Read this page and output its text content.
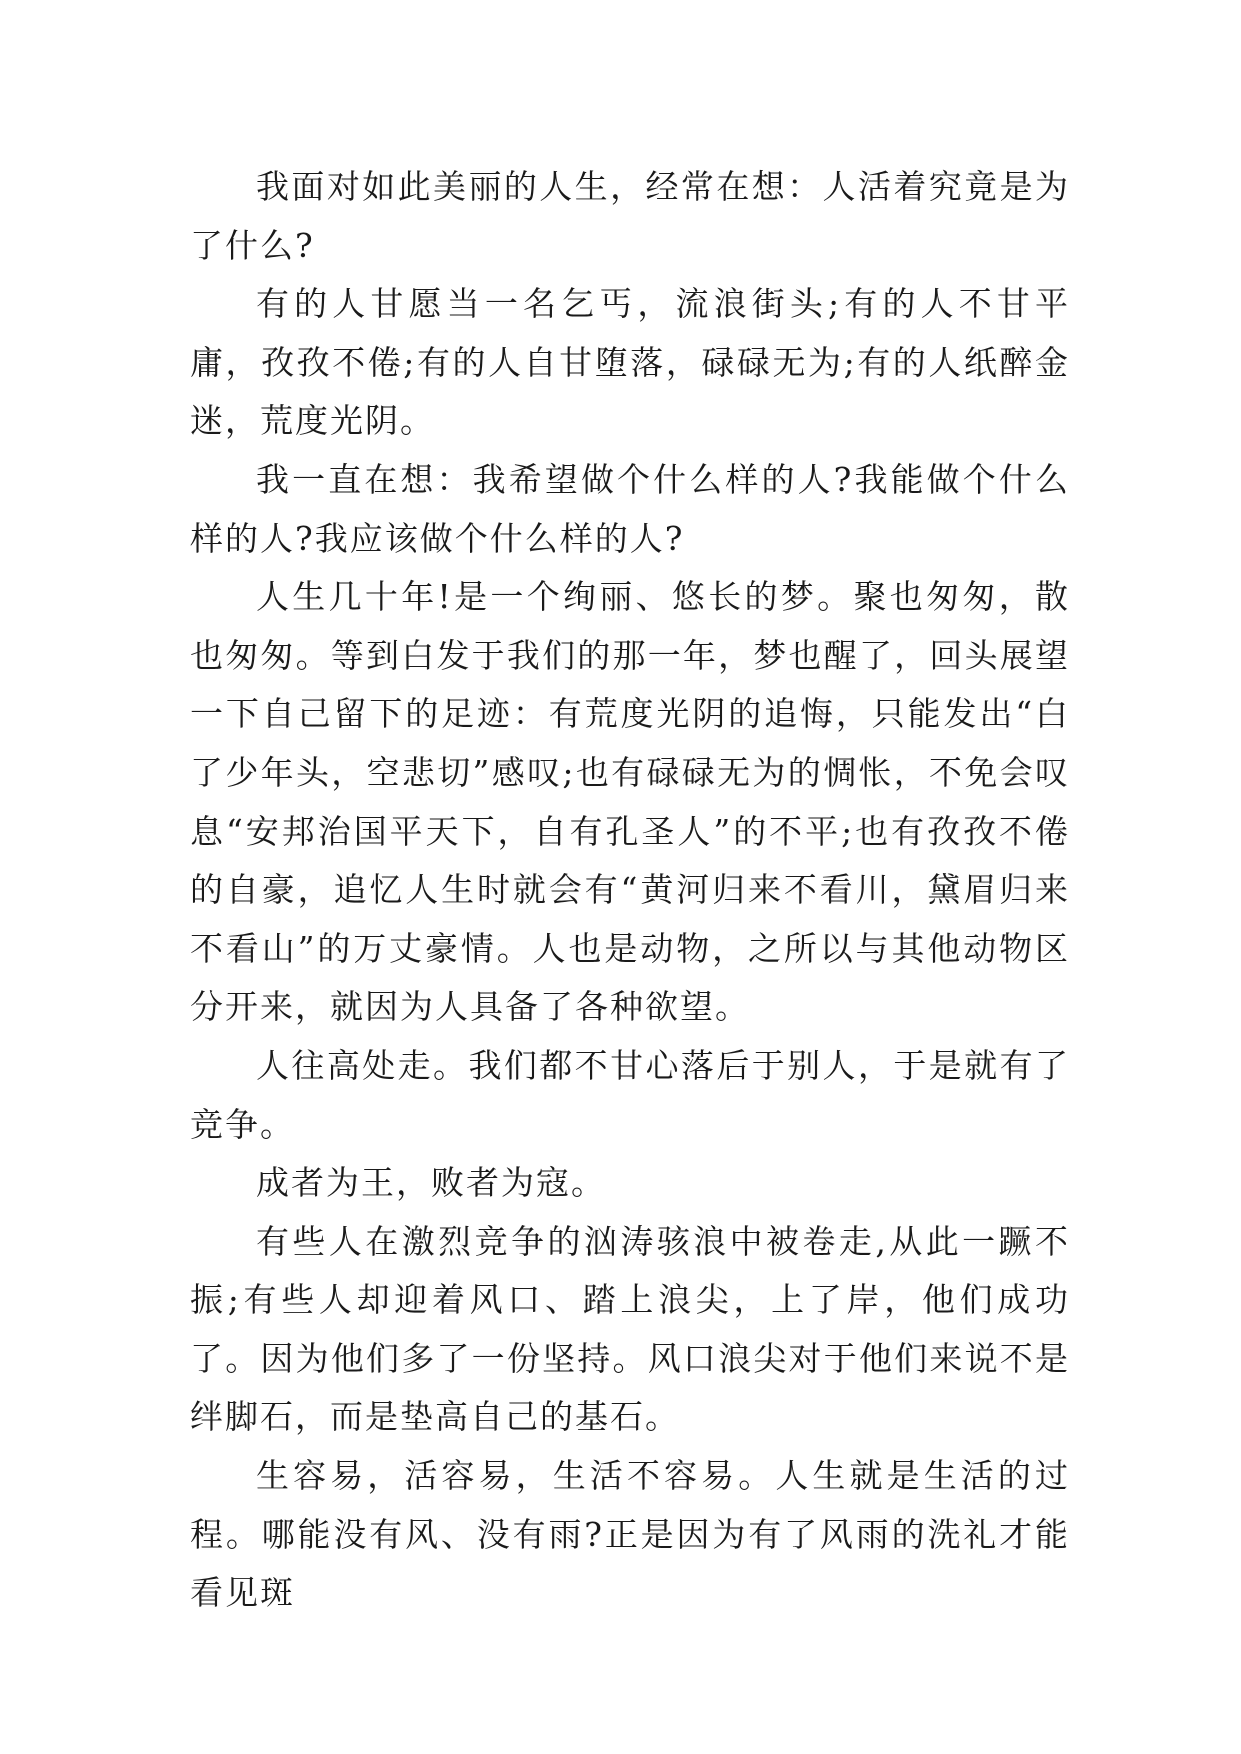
我面对如此美丽的人生，经常在想：人活着究竟是为了什么?

有的人甘愿当一名乞丐，流浪街头;有的人不甘平庸，孜孜不倦;有的人自甘堕落，碌碌无为;有的人纸醉金迷，荒度光阴。

我一直在想：我希望做个什么样的人?我能做个什么样的人?我应该做个什么样的人?

人生几十年!是一个绚丽、悠长的梦。聚也匆匆，散也匆匆。等到白发于我们的那一年，梦也醒了，回头展望一下自己留下的足迹：有荒度光阴的追悔，只能发出“白了少年头，空悲切”感叹;也有碌碌无为的惆怅，不免会叹息“安邦治国平天下，自有孔圣人”的不平;也有孜孜不倦的自豪，追忆人生时就会有“黄河归来不看川，黛眉归来不看山”的万丈豪情。人也是动物，之所以与其他动物区分开来，就因为人具备了各种欲望。

人往高处走。我们都不甘心落后于别人，于是就有了竞争。

成者为王，败者为寇。

有些人在激烈竞争的汹涛骇浪中被卷走,从此一蹶不振;有些人却迎着风口、踏上浪尖，上了岸，他们成功了。因为他们多了一份坚持。风口浪尖对于他们来说不是绊脚石，而是垫高自己的基石。

生容易，活容易，生活不容易。人生就是生活的过程。哪能没有风、没有雨?正是因为有了风雨的洗礼才能看见斑
